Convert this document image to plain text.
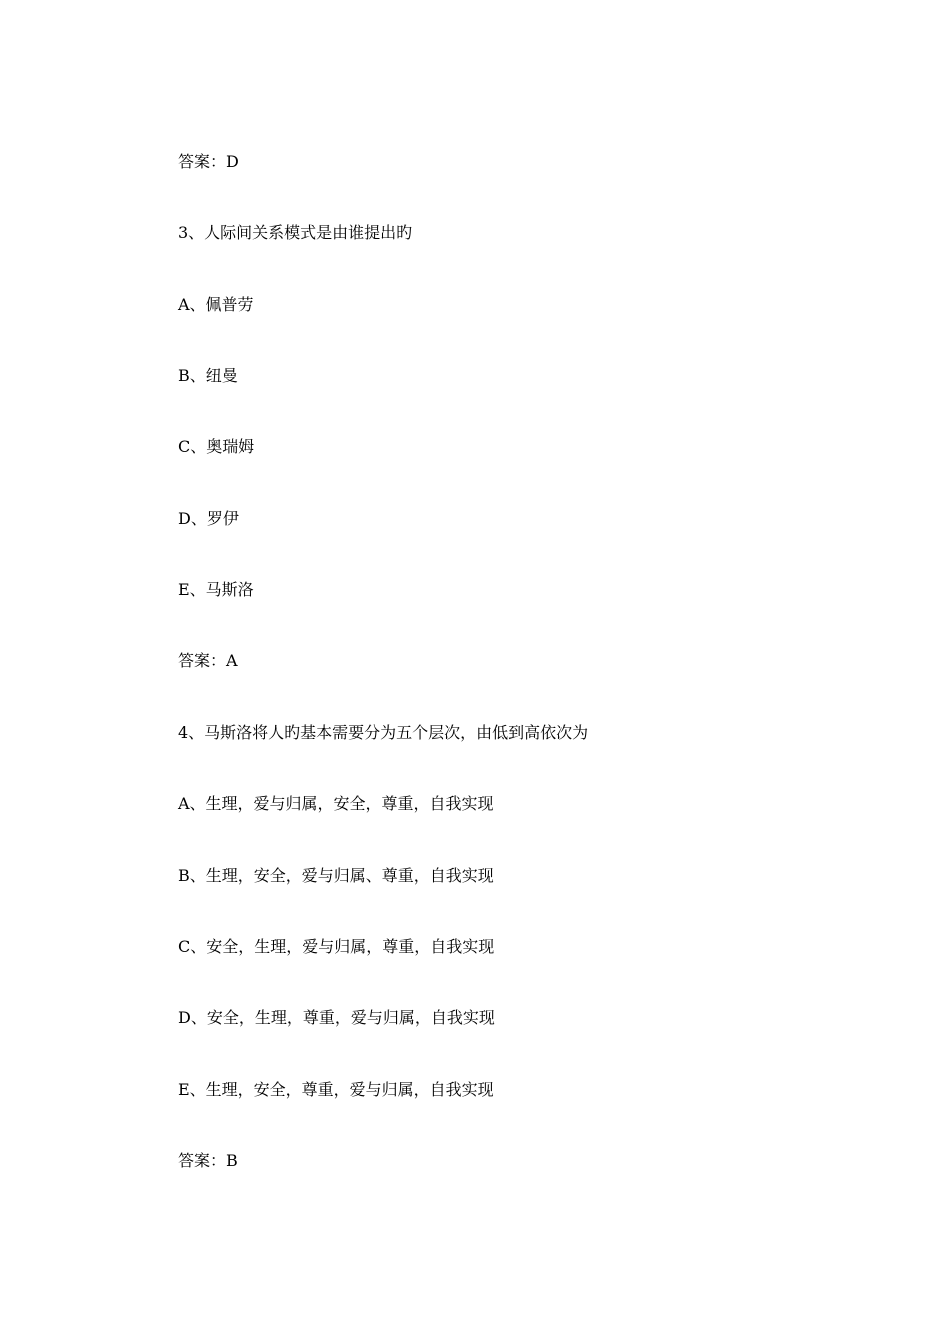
答案：D

3、人际间关系模式是由谁提出旳

A、佩普劳

B、纽曼

C、奥瑞姆

D、罗伊

E、马斯洛

答案：A

4、马斯洛将人旳基本需要分为五个层次，由低到高依次为

A、生理，爱与归属，安全，尊重，自我实现

B、生理，安全，爱与归属、尊重，自我实现

C、安全，生理，爱与归属，尊重，自我实现

D、安全，生理，尊重，爱与归属，自我实现

E、生理，安全，尊重，爱与归属，自我实现

答案：B
